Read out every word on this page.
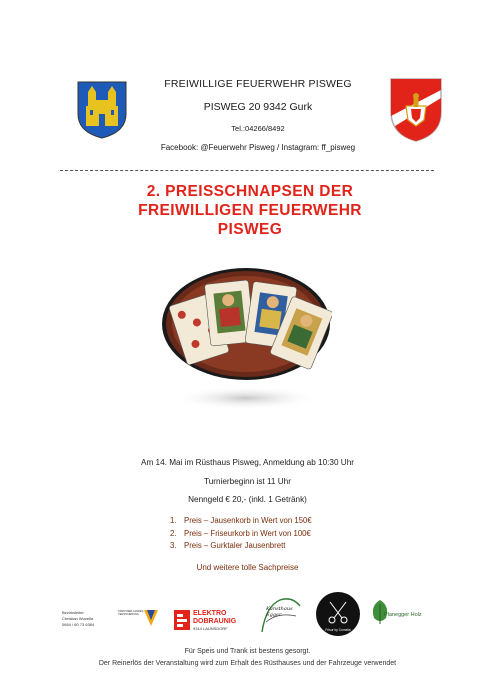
FREIWILLIGE FEUERWEHR PISWEG
PISWEG 20 9342 Gurk
Tel.:04266/8492
Facebook: @Feuerwehr Pisweg / Instagram: ff_pisweg
2. PREISSCHNAPSEN DER
FREIWILLIGEN FEUERWEHR
PISWEG
Am 14. Mai im Rüsthaus Pisweg, Anmeldung ab 10:30 Uhr
Turnierbeginn ist 11 Uhr
Nenngeld € 20,- (inkl. 1 Getränk)
1. Preis – Jausenkorb in Wert von 150€
2. Preis – Friseurkorb in Wert von 100€
3. Preis – Gurktaler Jausenbrett
Und weitere tolle Sachpreise
Bezirksleiter
Christian Wuzella
0664 / 60 73 6364
KÄRNTNER LANDES VERSICHERUNG	ELEKTRO
DOBRAUNIG
9314 LAUNSDORF
Kunsthaus Egger
Frisur by Cornelia
Planegger Holz
Für Speis und Trank ist bestens gesorgt.
Der Reinerlös der Veranstaltung wird zum Erhalt des Rüsthauses und der Fahrzeuge verwendet
